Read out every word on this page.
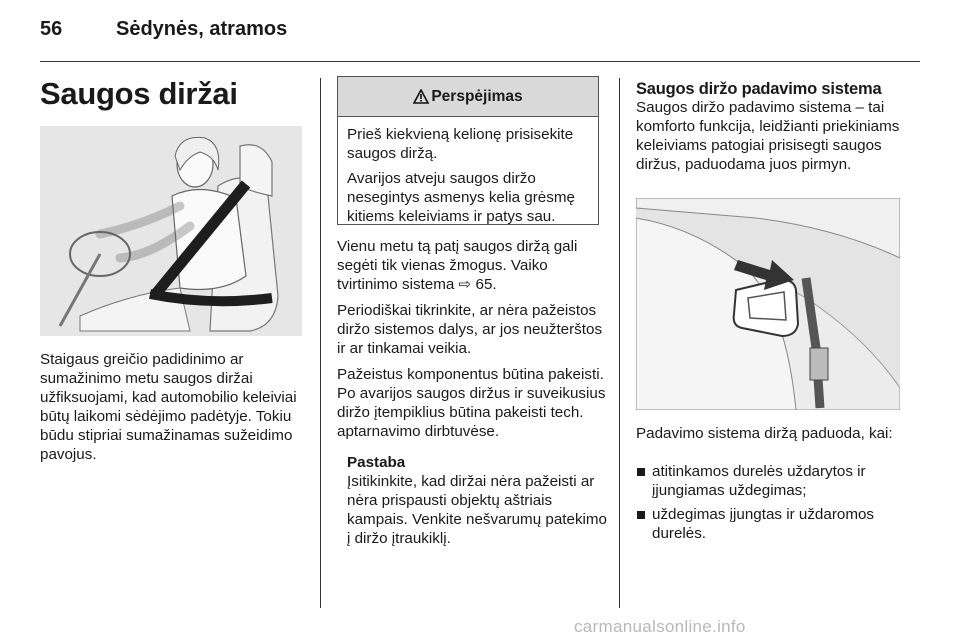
56	Sėdynės, atramos
Saugos diržai

Staigaus greičio padidinimo ar sumažinimo metu saugos diržai užfiksuojami, kad automobilio keleiviai būtų laikomi sėdėjimo padėtyje. Tokiu būdu stipriai sumažinamas sužeidimo pavojus.

Perspėjimas

Prieš kiekvieną kelionę prisisekite saugos diržą.

Avarijos atveju saugos diržo nesegintys asmenys kelia grėsmę kitiems keleiviams ir patys sau.

Vienu metu tą patį saugos diržą gali segėti tik vienas žmogus. Vaiko tvirtinimo sistema ⇨ 65.

Periodiškai tikrinkite, ar nėra pažeistos diržo sistemos dalys, ar jos neužterštos ir ar tinkamai veikia.

Pažeistus komponentus būtina pakeisti. Po avarijos saugos diržus ir suveikusius diržo įtempiklius būtina pakeisti tech. aptarnavimo dirbtuvėse.

Pastaba
Įsitikinkite, kad diržai nėra pažeisti ar nėra prispausti objektų aštriais kampais. Venkite nešvarumų patekimo į diržo įtraukiklį.
Saugos diržo padavimo sistema

Saugos diržo padavimo sistema – tai komforto funkcija, leidžianti priekiniams keleiviams patogiai prisisegti saugos diržus, paduodama juos pirmyn.

Padavimo sistema diržą paduoda, kai:

atitinkamos durelės uždarytos ir įjungiamas uždegimas;
uždegimas įjungtas ir uždaromos durelės.
carmanualsonline.info
